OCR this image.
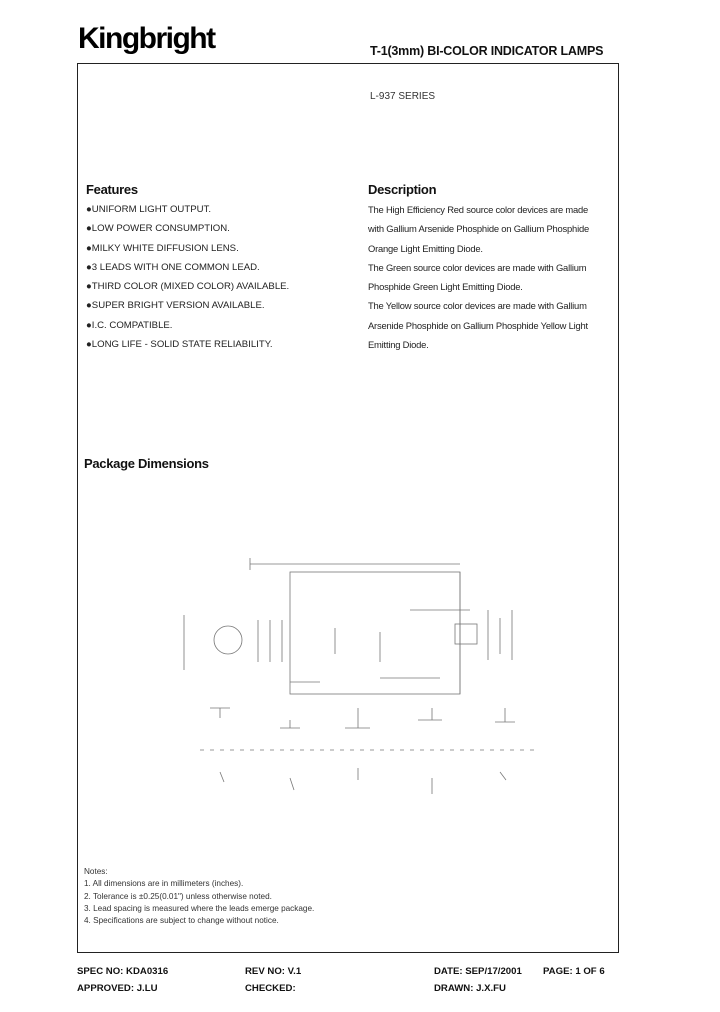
Kingbright	T-1(3mm) BI-COLOR INDICATOR LAMPS
L-937 SERIES
Features
●UNIFORM LIGHT OUTPUT.
●LOW POWER CONSUMPTION.
●MILKY WHITE DIFFUSION LENS.
●3 LEADS WITH ONE COMMON LEAD.
●THIRD COLOR (MIXED COLOR) AVAILABLE.
●SUPER BRIGHT VERSION AVAILABLE.
●I.C. COMPATIBLE.
●LONG LIFE - SOLID STATE RELIABILITY.
Description
The High Efficiency Red source color devices are made
with Gallium Arsenide Phosphide on Gallium Phosphide
Orange Light Emitting Diode.
The Green source color devices are made with Gallium
Phosphide Green Light Emitting Diode.
The Yellow source color devices are made with Gallium
Arsenide Phosphide on Gallium Phosphide Yellow Light
Emitting Diode.
Package Dimensions
Notes:
1. All dimensions are in millimeters (inches).
2. Tolerance is ±0.25(0.01") unless otherwise noted.
3. Lead spacing is measured where the leads emerge package.
4. Specifications are subject to change without notice.
SPEC NO: KDA0316	REV NO: V.1	DATE: SEP/17/2001 PAGE: 1 OF 6
APPROVED: J.LU	CHECKED:	DRAWN: J.X.FU
